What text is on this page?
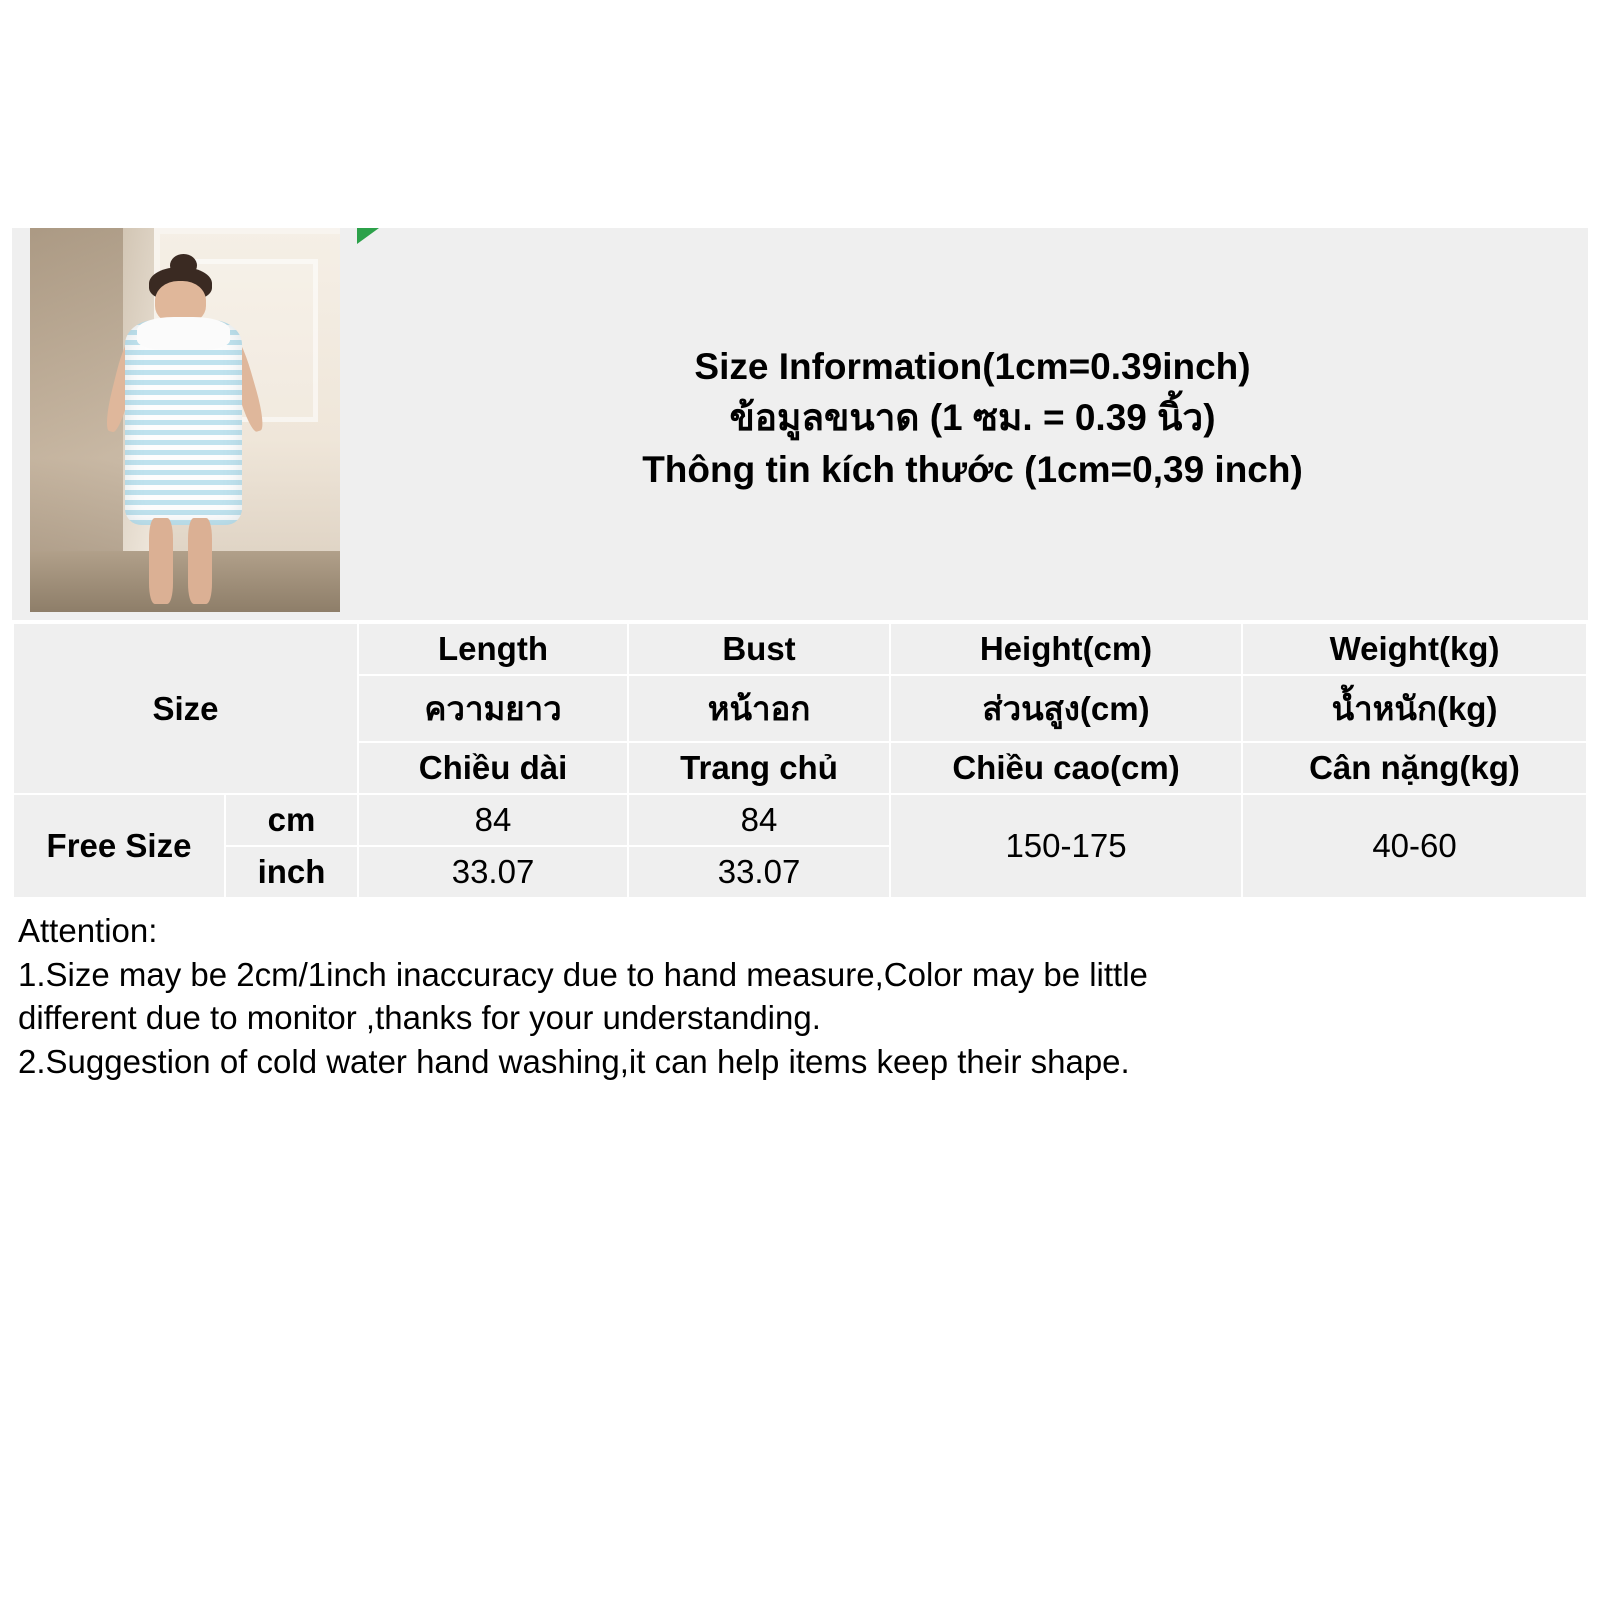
Size Information(1cm=0.39inch)
ข้อมูลขนาด (1 ซม. = 0.39 นิ้ว)
Thông tin kích thước (1cm=0,39 inch)
Size		Length	Bust	Height(cm)	Weight(kg)
		ความยาว	หน้าอก	ส่วนสูง(cm)	น้ำหนัก(kg)
		Chiều dài	Trang chủ	Chiều cao(cm)	Cân nặng(kg)
Free Size	cm	84	84	150-175	40-60
	inch	33.07	33.07		
Attention:
1.Size may be 2cm/1inch inaccuracy due to hand measure,Color may be little
different due to monitor ,thanks for your understanding.
2.Suggestion of cold water hand washing,it can help items keep their shape.
